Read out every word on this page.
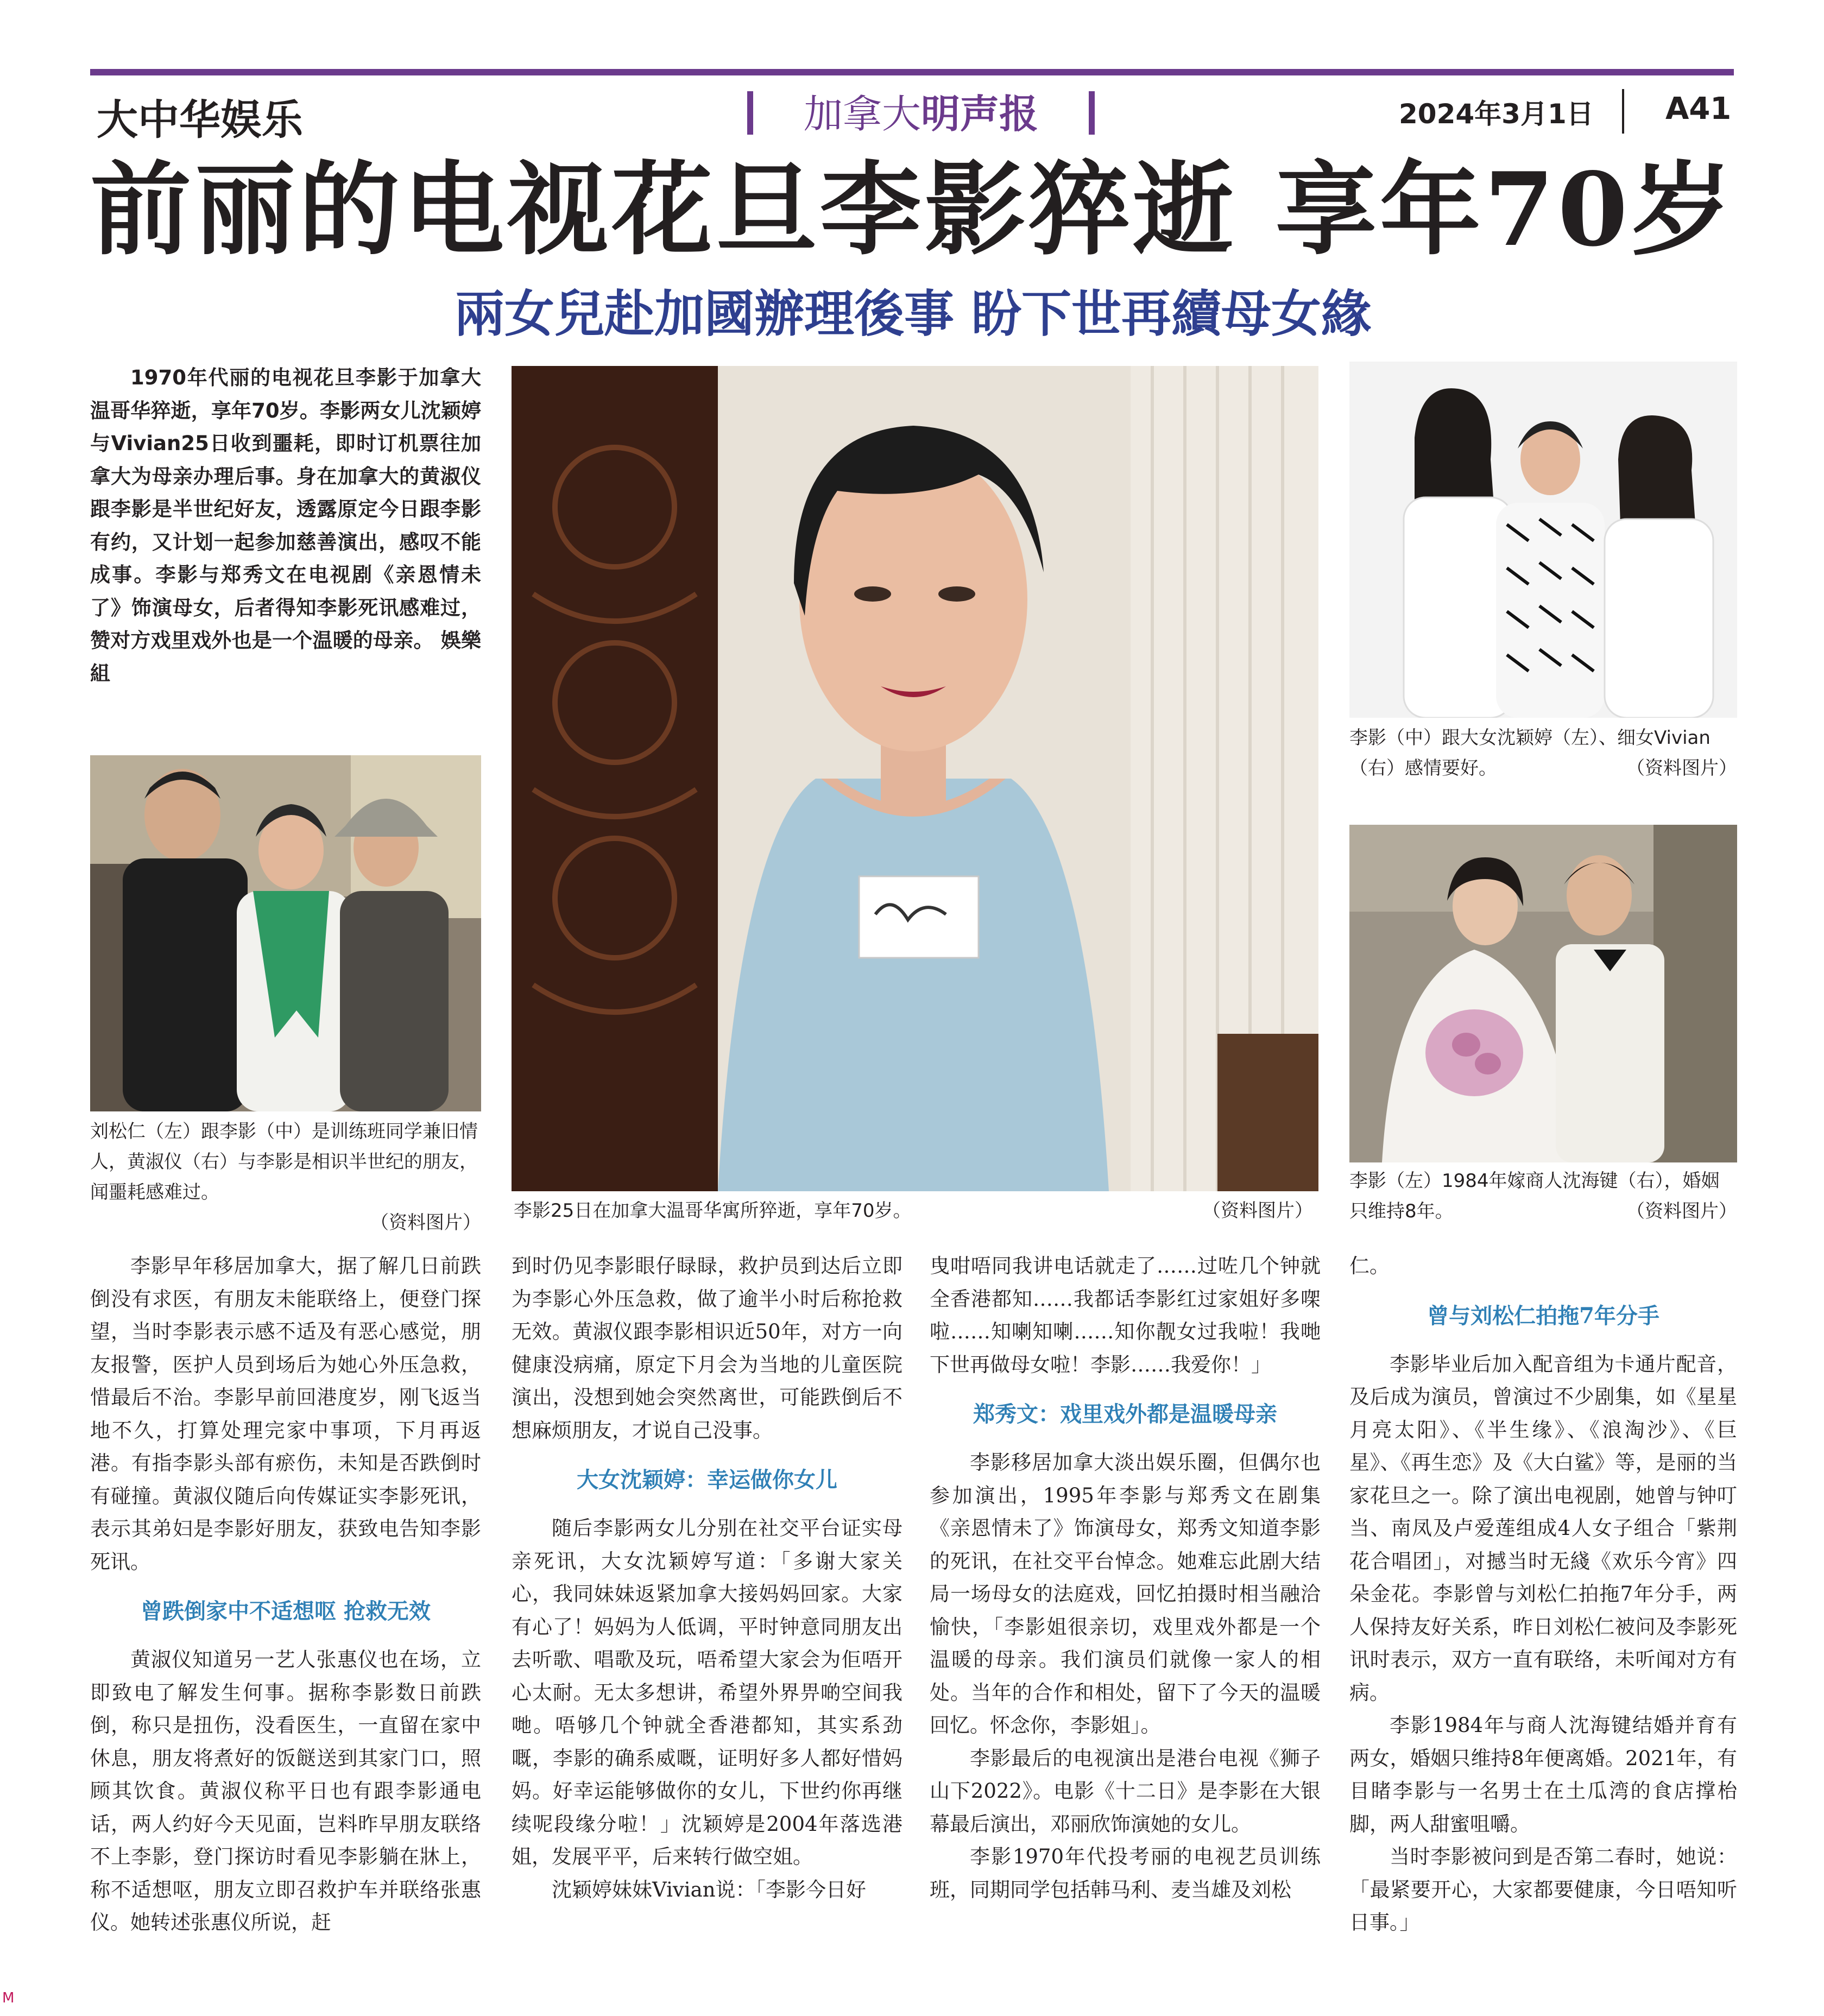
大中华娱乐	加拿大明声报	2024年3月1日 A41
前丽的电视花旦李影猝逝 享年70岁
兩女兒赴加國辦理後事 盼下世再續母女緣

1970年代丽的电视花旦李影于加拿大温哥华猝逝，享年70岁。李影两女儿沈颖婷与Vivian25日收到噩耗，即时订机票往加拿大为母亲办理后事。身在加拿大的黄淑仪跟李影是半世纪好友，透露原定今日跟李影有约，又计划一起参加慈善演出，感叹不能成事。李影与郑秀文在电视剧《亲恩情未了》饰演母女，后者得知李影死讯感难过，赞对方戏里戏外也是一个温暖的母亲。 娛樂組

刘松仁（左）跟李影（中）是训练班同学兼旧情人，黄淑仪（右）与李影是相识半世纪的朋友，闻噩耗感难过。
（资料图片）
李影25日在加拿大温哥华寓所猝逝，享年70岁。	（资料图片）
李影（中）跟大女沈颖婷（左）、细女Vivian（右）感情要好。	（资料图片）
李影（左）1984年嫁商人沈海键（右），婚姻只维持8年。	（资料图片）

李影早年移居加拿大，据了解几日前跌倒没有求医，有朋友未能联络上，便登门探望，当时李影表示感不适及有恶心感觉，朋友报警，医护人员到场后为她心外压急救，惜最后不治。李影早前回港度岁，刚飞返当地不久，打算处理完家中事项，下月再返港。有指李影头部有瘀伤，未知是否跌倒时有碰撞。黄淑仪随后向传媒证实李影死讯，表示其弟妇是李影好朋友，获致电告知李影死讯。

曾跌倒家中不适想呕 抢救无效

黄淑仪知道另一艺人张惠仪也在场，立即致电了解发生何事。据称李影数日前跌倒，称只是扭伤，没看医生，一直留在家中休息，朋友将煮好的饭餸送到其家门口，照顾其饮食。黄淑仪称平日也有跟李影通电话，两人约好今天见面，岂料昨早朋友联络不上李影，登门探访时看见李影躺在牀上，称不适想呕，朋友立即召救护车并联络张惠仪。她转述张惠仪所说，赶

到时仍见李影眼仔睩睩，救护员到达后立即为李影心外压急救，做了逾半小时后称抢救无效。黄淑仪跟李影相识近50年，对方一向健康没病痛，原定下月会为当地的儿童医院演出，没想到她会突然离世，可能跌倒后不想麻烦朋友，才说自己没事。

大女沈颖婷：幸运做你女儿

随后李影两女儿分别在社交平台证实母亲死讯，大女沈颖婷写道：「多谢大家关心，我同妹妹返紧加拿大接妈妈回家。大家有心了！妈妈为人低调，平时钟意同朋友出去听歌、唱歌及玩，唔希望大家会为佢唔开心太耐。无太多想讲，希望外界畀啲空间我哋。唔够几个钟就全香港都知，其实系劲嘅，李影的确系威嘅，证明好多人都好惜妈妈。好幸运能够做你的女儿，下世约你再继续呢段缘分啦！」沈颖婷是2004年落选港姐，发展平平，后来转行做空姐。

沈颖婷妹妹Vivian说：「李影今日好

曳咁唔同我讲电话就走了……过咗几个钟就全香港都知……我都话李影红过家姐好多㗎啦……知喇知喇……知你靓女过我啦！我哋下世再做母女啦！李影……我爱你！」

郑秀文：戏里戏外都是温暖母亲

李影移居加拿大淡出娱乐圈，但偶尔也参加演出，1995年李影与郑秀文在剧集《亲恩情未了》饰演母女，郑秀文知道李影的死讯，在社交平台悼念。她难忘此剧大结局一场母女的法庭戏，回忆拍摄时相当融洽愉快，「李影姐很亲切，戏里戏外都是一个温暖的母亲。我们演员们就像一家人的相处。当年的合作和相处，留下了今天的温暖回忆。怀念你，李影姐」。

李影最后的电视演出是港台电视《狮子山下2022》。电影《十二日》是李影在大银幕最后演出，邓丽欣饰演她的女儿。

李影1970年代投考丽的电视艺员训练班，同期同学包括韩马利、麦当雄及刘松

仁。

曾与刘松仁拍拖7年分手

李影毕业后加入配音组为卡通片配音，及后成为演员，曾演过不少剧集，如《星星月亮太阳》、《半生缘》、《浪淘沙》、《巨星》、《再生恋》及《大白鲨》等，是丽的当家花旦之一。除了演出电视剧，她曾与钟叮当、南凤及卢爱莲组成4人女子组合「紫荆花合唱团」，对撼当时无綫《欢乐今宵》四朵金花。李影曾与刘松仁拍拖7年分手，两人保持友好关系，昨日刘松仁被问及李影死讯时表示，双方一直有联络，未听闻对方有病。

李影1984年与商人沈海键结婚并育有两女，婚姻只维持8年便离婚。2021年，有目睹李影与一名男士在土瓜湾的食店撑枱脚，两人甜蜜咀嚼。

当时李影被问到是否第二春时，她说：「最紧要开心，大家都要健康，今日唔知听日事。」

M
